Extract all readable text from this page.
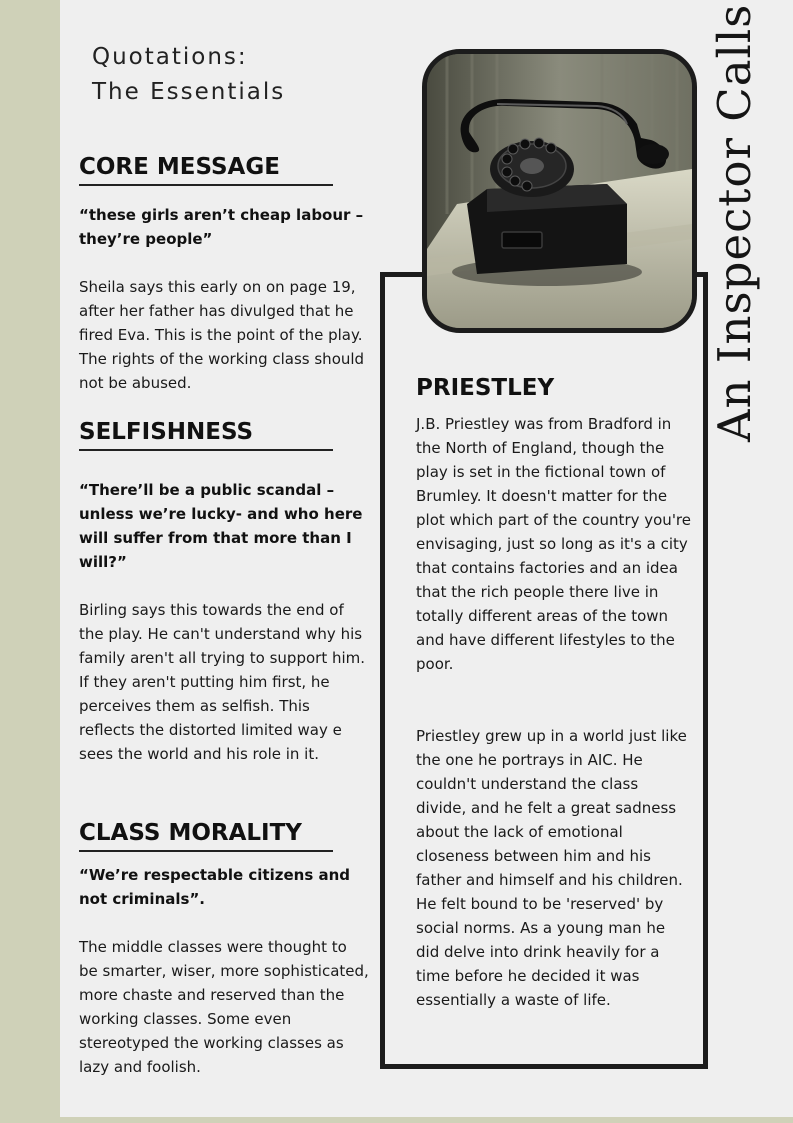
Quotations:
The Essentials
CORE MESSAGE

“these girls aren’t cheap labour – they’re people”

Sheila says this early on on page 19, after her father has divulged that he fired Eva. This is the point of the play. The rights of the working class should not be abused.

SELFISHNESS

“There’ll be a public scandal – unless we’re lucky- and who here will suffer from that more than I will?”

Birling says this towards the end of the play. He can't understand why his family aren't all trying to support him. If they aren't putting him first, he perceives them as selfish. This reflects the distorted limited way e sees the world and his role in it.

CLASS MORALITY

“We’re respectable citizens and not criminals”.

The middle classes were thought to be smarter, wiser, more sophisticated, more chaste and reserved than the working classes. Some even stereotyped the working classes as lazy and foolish.

PRIESTLEY

J.B. Priestley was from Bradford in the North of England, though the play is set in the fictional town of Brumley. It doesn't matter for the plot which part of the country you're envisaging, just so long as it's a city that contains factories and an idea that the rich people there live in totally different areas of the town and have different lifestyles to the poor.

Priestley grew up in a world just like the one he portrays in AIC. He couldn't understand the class divide, and he felt a great sadness about the lack of emotional closeness between him and his father and himself and his children. He felt bound to be 'reserved' by social norms. As a young man he did delve into drink heavily for a time before he decided it was essentially a waste of life.

An Inspector Calls
